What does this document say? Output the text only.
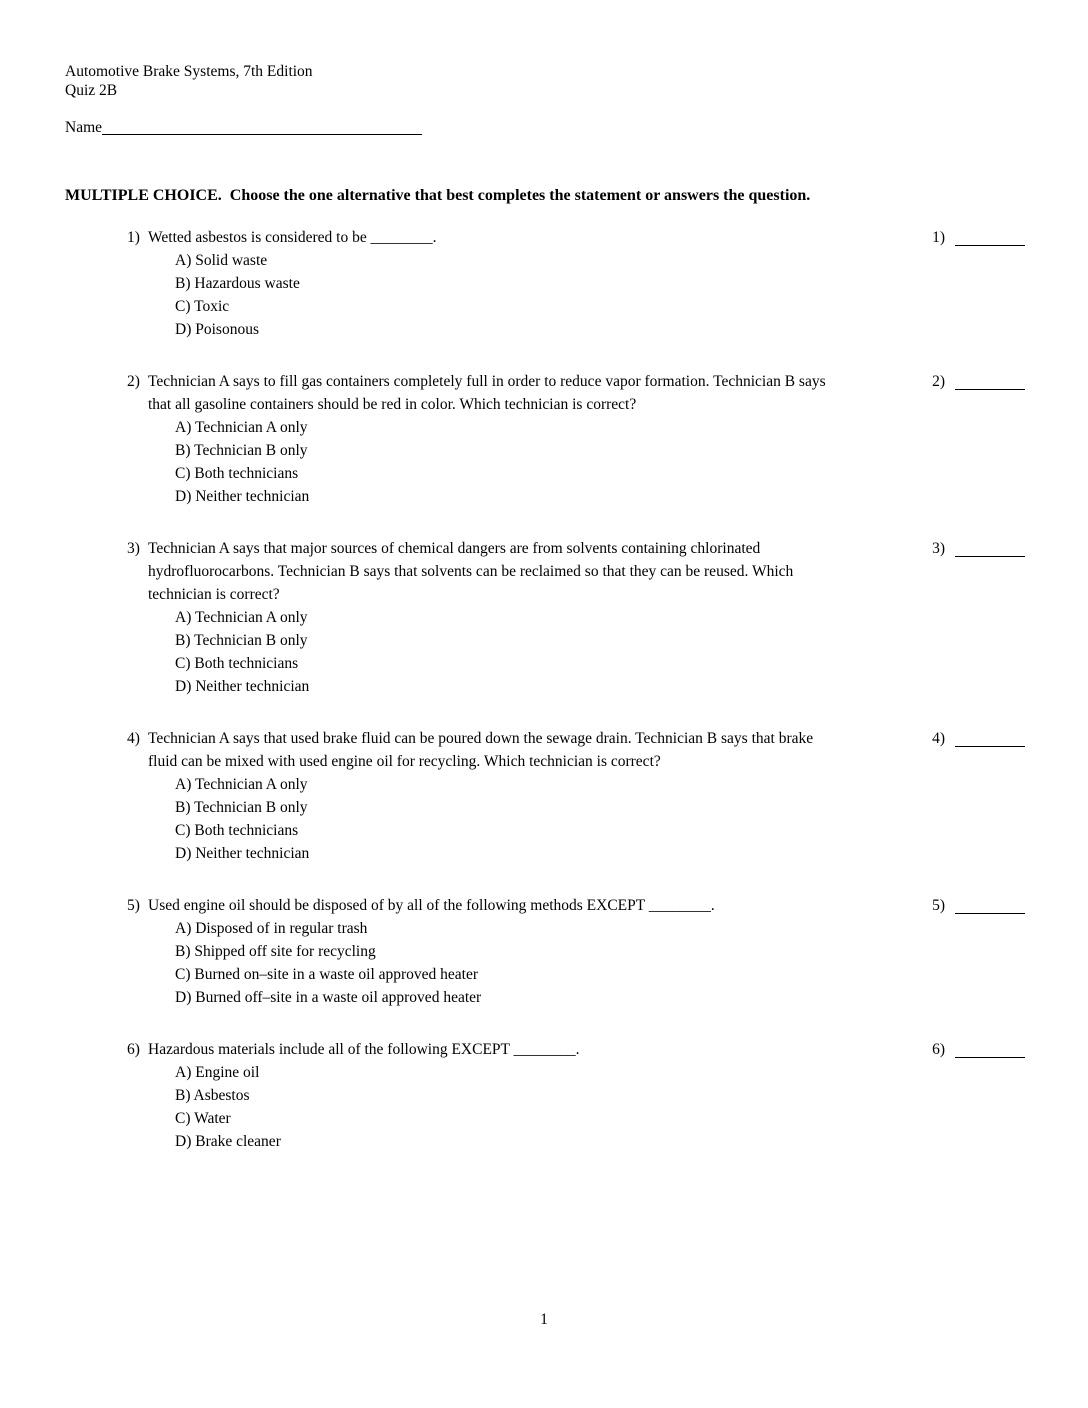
Automotive Brake Systems, 7th Edition
Quiz 2B
Name
MULTIPLE CHOICE.  Choose the one alternative that best completes the statement or answers the question.
1) Wetted asbestos is considered to be ________.
A) Solid waste
B) Hazardous waste
C) Toxic
D) Poisonous
1)
2) Technician A says to fill gas containers completely full in order to reduce vapor formation. Technician B says that all gasoline containers should be red in color. Which technician is correct?
A) Technician A only
B) Technician B only
C) Both technicians
D) Neither technician
2)
3) Technician A says that major sources of chemical dangers are from solvents containing chlorinated hydrofluorocarbons. Technician B says that solvents can be reclaimed so that they can be reused. Which technician is correct?
A) Technician A only
B) Technician B only
C) Both technicians
D) Neither technician
3)
4) Technician A says that used brake fluid can be poured down the sewage drain. Technician B says that brake fluid can be mixed with used engine oil for recycling. Which technician is correct?
A) Technician A only
B) Technician B only
C) Both technicians
D) Neither technician
4)
5) Used engine oil should be disposed of by all of the following methods EXCEPT ________.
A) Disposed of in regular trash
B) Shipped off site for recycling
C) Burned on–site in a waste oil approved heater
D) Burned off–site in a waste oil approved heater
5)
6) Hazardous materials include all of the following EXCEPT ________.
A) Engine oil
B) Asbestos
C) Water
D) Brake cleaner
6)
1
